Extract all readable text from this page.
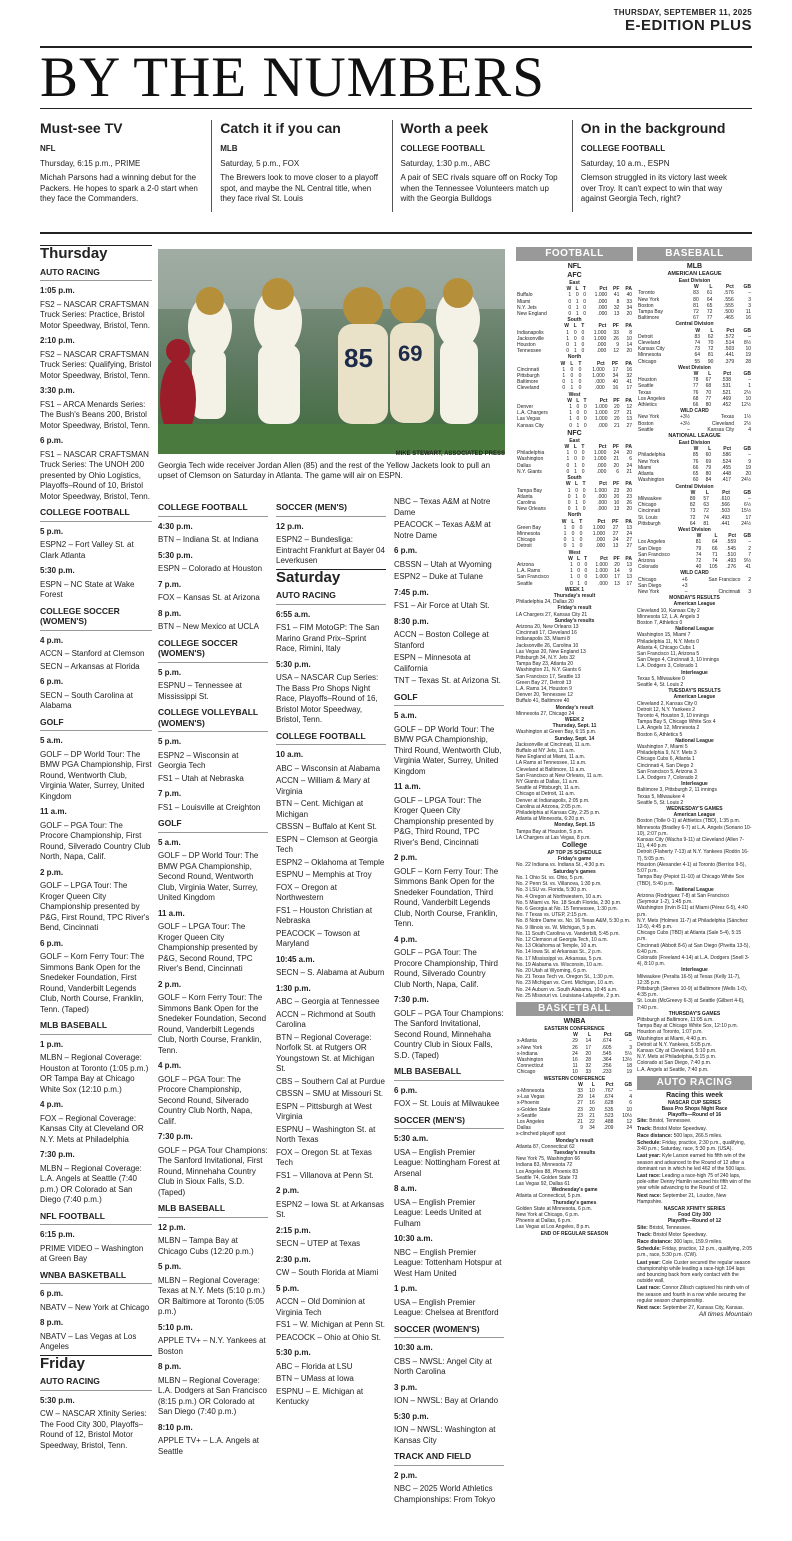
THURSDAY, SEPTEMBER 11, 2025
E-EDITION PLUS
BY THE NUMBERS
Must-see TV
NFL
Thursday, 6:15 p.m., PRIME

Michah Parsons had a winning debut for the Packers. He hopes to spark a 2-0 start when they face the Commanders.

Catch it if you can
MLB
Saturday, 5 p.m., FOX

The Brewers look to move closer to a playoff spot, and maybe the NL Central title, when they face rival St. Louis

Worth a peek
COLLEGE FOOTBALL
Saturday, 1:30 p.m., ABC

A pair of SEC rivals square off on Rocky Top when the Tennessee Volunteers match up with the Georgia Bulldogs

On in the background
COLLEGE FOOTBALL
Saturday, 10 a.m., ESPN

Clemson struggled in its victory last week over Troy. It can't expect to win that way against Georgia Tech, right?

Thursday
AUTO RACING
1:05 p.m.
FS2 – NASCAR CRAFTSMAN Truck Series: Practice, Bristol Motor Speedway, Bristol, Tenn.
2:10 p.m.
FS2 – NASCAR CRAFTSMAN Truck Series: Qualifying, Bristol Motor Speedway, Bristol, Tenn.
3:30 p.m.
FS1 – ARCA Menards Series: The Bush's Beans 200, Bristol Motor Speedway, Bristol, Tenn.
6 p.m.
FS1 – NASCAR CRAFTSMAN Truck Series: The UNOH 200 presented by Ohio Logistics, Playoffs–Round of 10, Bristol Motor Speedway, Bristol, Tenn.
COLLEGE FOOTBALL
5 p.m.
ESPN2 – Fort Valley St. at Clark Atlanta
5:30 p.m.
ESPN – NC State at Wake Forest
COLLEGE SOCCER (WOMEN'S)
4 p.m.
ACCN – Stanford at Clemson
SECN – Arkansas at Florida
6 p.m.
SECN – South Carolina at Alabama
GOLF
5 a.m.
GOLF – DP World Tour: The BMW PGA Championship, First Round, Wentworth Club, Virginia Water, Surrey, United Kingdom
11 a.m.
GOLF – PGA Tour: The Procore Championship, First Round, Silverado Country Club North, Napa, Calif.
2 p.m.
GOLF – LPGA Tour: The Kroger Queen City Championship presented by P&G, First Round, TPC River's Bend, Cincinnati
6 p.m.
GOLF – Korn Ferry Tour: The Simmons Bank Open for the Snedeker Foundation, First Round, Vanderbilt Legends Club, North Course, Franklin, Tenn. (Taped)
MLB BASEBALL
1 p.m.
MLBN – Regional Coverage: Houston at Toronto (1:05 p.m.) OR Tampa Bay at Chicago White Sox (12:10 p.m.)
4 p.m.
FOX – Regional Coverage: Kansas City at Cleveland OR N.Y. Mets at Philadelphia
7:30 p.m.
MLBN – Regional Coverage: L.A. Angels at Seattle (7:40 p.m.) OR Colorado at San Diego (7:40 p.m.)
NFL FOOTBALL
6:15 p.m.
PRIME VIDEO – Washington at Green Bay
WNBA BASKETBALL
6 p.m.
NBATV – New York at Chicago
8 p.m.
NBATV – Las Vegas at Los Angeles
Friday
AUTO RACING
5:30 p.m.
CW – NASCAR Xfinity Series: The Food City 300, Playoffs–Round of 12, Bristol Motor Speedway, Bristol, Tenn.
85 69
MIKE STEWART, ASSOCIATED PRESS
Georgia Tech wide receiver Jordan Allen (85) and the rest of the Yellow Jackets look to pull an upset of Clemson on Saturday in Atlanta. The game will air on ESPN.
COLLEGE FOOTBALL
4:30 p.m.
BTN – Indiana St. at Indiana
5:30 p.m.
ESPN – Colorado at Houston
7 p.m.
FOX – Kansas St. at Arizona
8 p.m.
BTN – New Mexico at UCLA
COLLEGE SOCCER (WOMEN'S)
5 p.m.
ESPNU – Tennessee at Mississippi St.
COLLEGE VOLLEYBALL (WOMEN'S)
5 p.m.
ESPN2 – Wisconsin at Georgia Tech
FS1 – Utah at Nebraska
7 p.m.
FS1 – Louisville at Creighton
GOLF
5 a.m.
GOLF – DP World Tour: The BMW PGA Championship, Second Round, Wentworth Club, Virginia Water, Surrey, United Kingdom
11 a.m.
GOLF – LPGA Tour: The Kroger Queen City Championship presented by P&G, Second Round, TPC River's Bend, Cincinnati
2 p.m.
GOLF – Korn Ferry Tour: The Simmons Bank Open for the Snedeker Foundation, Second Round, Vanderbilt Legends Club, North Course, Franklin, Tenn.
4 p.m.
GOLF – PGA Tour: The Procore Championship, Second Round, Silverado Country Club North, Napa, Calif.
7:30 p.m.
GOLF – PGA Tour Champions: The Sanford Invitational, First Round, Minnehaha Country Club in Sioux Falls, S.D. (Taped)
MLB BASEBALL
12 p.m.
MLBN – Tampa Bay at Chicago Cubs (12:20 p.m.)
5 p.m.
MLBN – Regional Coverage: Texas at N.Y. Mets (5:10 p.m.) OR Baltimore at Toronto (5:05 p.m.)
5:10 p.m.
APPLE TV+ – N.Y. Yankees at Boston
8 p.m.
MLBN – Regional Coverage: L.A. Dodgers at San Francisco (8:15 p.m.) OR Colorado at San Diego (7:40 p.m.)
8:10 p.m.
APPLE TV+ – L.A. Angels at Seattle
SOCCER (MEN'S)
12 p.m.
ESPN2 – Bundesliga: Eintracht Frankfurt at Bayer 04 Leverkusen
Saturday
AUTO RACING
6:55 a.m.
FS1 – FIM MotoGP: The San Marino Grand Prix–Sprint Race, Rimini, Italy
5:30 p.m.
USA – NASCAR Cup Series: The Bass Pro Shops Night Race, Playoffs–Round of 16, Bristol Motor Speedway, Bristol, Tenn.
COLLEGE FOOTBALL
10 a.m.
ABC – Wisconsin at Alabama
ACCN – William & Mary at Virginia
BTN – Cent. Michigan at Michigan
CBSSN – Buffalo at Kent St.
ESPN – Clemson at Georgia Tech
ESPN2 – Oklahoma at Temple
ESPNU – Memphis at Troy
FOX – Oregon at Northwestern
FS1 – Houston Christian at Nebraska
PEACOCK – Towson at Maryland
10:45 a.m.
SECN – S. Alabama at Auburn
1:30 p.m.
ABC – Georgia at Tennessee
ACCN – Richmond at South Carolina
BTN – Regional Coverage: Norfolk St. at Rutgers OR Youngstown St. at Michigan St.
CBS – Southern Cal at Purdue
CBSSN – SMU at Missouri St.
ESPN – Pittsburgh at West Virginia
ESPNU – Washington St. at North Texas
FOX – Oregon St. at Texas Tech
FS1 – Villanova at Penn St.
2 p.m.
ESPN2 – Iowa St. at Arkansas St.
2:15 p.m.
SECN – UTEP at Texas
2:30 p.m.
CW – South Florida at Miami
5 p.m.
ACCN – Old Dominion at Virginia Tech
FS1 – W. Michigan at Penn St.
PEACOCK – Ohio at Ohio St.
5:30 p.m.
ABC – Florida at LSU
BTN – UMass at Iowa
ESPNU – E. Michigan at Kentucky
NBC – Texas A&M at Notre Dame
PEACOCK – Texas A&M at Notre Dame
6 p.m.
CBSSN – Utah at Wyoming
ESPN2 – Duke at Tulane
7:45 p.m.
FS1 – Air Force at Utah St.
8:30 p.m.
ACCN – Boston College at Stanford
ESPN – Minnesota at California
TNT – Texas St. at Arizona St.
GOLF
5 a.m.
GOLF – DP World Tour: The BMW PGA Championship, Third Round, Wentworth Club, Virginia Water, Surrey, United Kingdom
11 a.m.
GOLF – LPGA Tour: The Kroger Queen City Championship presented by P&G, Third Round, TPC River's Bend, Cincinnati
2 p.m.
GOLF – Korn Ferry Tour: The Simmons Bank Open for the Snedeker Foundation, Third Round, Vanderbilt Legends Club, North Course, Franklin, Tenn.
4 p.m.
GOLF – PGA Tour: The Procore Championship, Third Round, Silverado Country Club North, Napa, Calif.
7:30 p.m.
GOLF – PGA Tour Champions: The Sanford Invitational, Second Round, Minnehaha Country Club in Sioux Falls, S.D. (Taped)
MLB BASEBALL
6 p.m.
FOX – St. Louis at Milwaukee
SOCCER (MEN'S)
5:30 a.m.
USA – English Premier League: Nottingham Forest at Arsenal
8 a.m.
USA – English Premier League: Leeds United at Fulham
10:30 a.m.
NBC – English Premier League: Tottenham Hotspur at West Ham United
1 p.m.
USA – English Premier League: Chelsea at Brentford
SOCCER (WOMEN'S)
10:30 a.m.
CBS – NWSL: Angel City at North Carolina
3 p.m.
ION – NWSL: Bay at Orlando
5:30 p.m.
ION – NWSL: Washington at Kansas City
TRACK AND FIELD
2 p.m.
NBC – 2025 World Athletics Championships: From Tokyo
FOOTBALL
NFL
AFC
East
	W	L	T	Pct	PF	PA
Buffalo	1	0	0	1.000	41	40
Miami	0	1	0	.000	8	33
N.Y. Jets	0	1	0	.000	32	34
New England	0	1	0	.000	13	20
South
	W	L	T	Pct	PF	PA
Indianapolis	1	0	0	1.000	33	8
Jacksonville	1	0	0	1.000	26	10
Houston	0	1	0	.000	9	14
Tennessee	0	1	0	.000	12	20
North
	W	L	T	Pct	PF	PA
Cincinnati	1	0	0	1.000	17	16
Pittsburgh	1	0	0	1.000	34	32
Baltimore	0	1	0	.000	40	41
Cleveland	0	1	0	.000	16	17
West
	W	L	T	Pct	PF	PA
Denver	1	0	0	1.000	20	12
L.A. Chargers	1	0	0	1.000	27	21
Las Vegas	1	0	0	1.000	20	13
Kansas City	0	1	0	.000	21	27
NFC
East
	W	L	T	Pct	PF	PA
Philadelphia	1	0	0	1.000	24	20
Washington	1	0	0	1.000	21	6
Dallas	0	1	0	.000	20	24
N.Y. Giants	0	1	0	.000	6	21
South
	W	L	T	Pct	PF	PA
Tampa Bay	1	0	0	1.000	23	20
Atlanta	0	1	0	.000	20	23
Carolina	0	1	0	.000	10	26
New Orleans	0	1	0	.000	13	20
North
	W	L	T	Pct	PF	PA
Green Bay	1	0	0	1.000	27	13
Minnesota	1	0	0	1.000	27	24
Chicago	0	1	0	.000	24	27
Detroit	0	1	0	.000	13	27
West
	W	L	T	Pct	PF	PA
Arizona	1	0	0	1.000	20	13
L.A. Rams	1	0	0	1.000	14	9
San Francisco	1	0	0	1.000	17	13
Seattle	0	1	0	.000	13	17
WEEK 1
Thursday's result
Philadelphia 24, Dallas 20
Friday's result
LA Chargers 27, Kansas City 21
Sunday's results
Arizona 20, New Orleans 13
Cincinnati 17, Cleveland 16
Indianapolis 33, Miami 8
Jacksonville 26, Carolina 10
Las Vegas 20, New England 13
Pittsburgh 34, N.Y. Jets 32
Tampa Bay 23, Atlanta 20
Washington 21, N.Y. Giants 6
San Francisco 17, Seattle 13
Green Bay 27, Detroit 13
L.A. Rams 14, Houston 9
Denver 20, Tennessee 12
Buffalo 41, Baltimore 40
Monday's result
Minnesota 27, Chicago 24
WEEK 2
Thursday, Sept. 11
Washington at Green Bay, 6:15 p.m.
Sunday, Sept. 14
Jacksonville at Cincinnati, 11 a.m.
Buffalo at NY Jets, 11 a.m.
New England at Miami, 11 a.m.
LA Rams at Tennessee, 11 a.m.
Cleveland at Baltimore, 11 a.m.
San Francisco at New Orleans, 11 a.m.
NY Giants at Dallas, 11 a.m.
Seattle at Pittsburgh, 11 a.m.
Chicago at Detroit, 11 a.m.
Denver at Indianapolis, 2:05 p.m.
Carolina at Arizona, 2:05 p.m.
Philadelphia at Kansas City, 2:25 p.m.
Atlanta at Minnesota, 6:20 p.m.
Monday, Sept. 15
Tampa Bay at Houston, 5 p.m.
LA Chargers at Las Vegas, 8 p.m.
College
AP TOP 25 SCHEDULE
Friday's game
No. 22 Indiana vs. Indiana St., 4:30 p.m.
Saturday's games
No. 1 Ohio St. vs. Ohio, 5 p.m.
No. 2 Penn St. vs. Villanova, 1:30 p.m.
No. 3 LSU vs. Florida, 5:30 p.m.
No. 4 Oregon at Northwestern, 10 a.m.
No. 5 Miami vs. No. 18 South Florida, 2:30 p.m.
No. 6 Georgia at No. 15 Tennessee, 1:30 p.m.
No. 7 Texas vs. UTEP, 2:15 p.m.
No. 8 Notre Dame vs. No. 16 Texas A&M, 5:30 p.m.
No. 9 Illinois vs. W. Michigan, 5 p.m.
No. 11 South Carolina vs. Vanderbilt, 5:45 p.m.
No. 12 Clemson at Georgia Tech, 10 a.m.
No. 13 Oklahoma at Temple, 10 a.m.
No. 14 Iowa St. at Arkansas St., 2 p.m.
No. 17 Mississippi vs. Arkansas, 5 p.m.
No. 19 Alabama vs. Wisconsin, 10 a.m.
No. 20 Utah at Wyoming, 6 p.m.
No. 21 Texas Tech vs. Oregon St., 1:30 p.m.
No. 23 Michigan vs. Cent. Michigan, 10 a.m.
No. 24 Auburn vs. South Alabama, 10:45 a.m.
No. 25 Missouri vs. Louisiana-Lafayette, 2 p.m.
BASKETBALL
WNBA
EASTERN CONFERENCE
	W	L	Pct	GB
x-Atlanta	29	14	.674	–
x-New York	26	17	.605	3
x-Indiana	24	20	.545	5½
Washington	16	28	.364	13½
Connecticut	11	32	.256	18
Chicago	10	33	.233	19
WESTERN CONFERENCE
	W	L	Pct	GB
x-Minnesota	33	10	.767	–
x-Las Vegas	29	14	.674	4
x-Phoenix	27	16	.628	6
x-Golden State	23	20	.535	10
x-Seattle	23	21	.523	10½
Los Angeles	21	22	.488	12
Dallas	9	34	.209	24
x-clinched playoff spot
Monday's result
Atlanta 87, Connecticut 62
Tuesday's results
New York 75, Washington 66
Indiana 83, Minnesota 72
Los Angeles 88, Phoenix 83
Seattle 74, Golden State 73
Las Vegas 92, Dallas 61
Wednesday's game
Atlanta at Connecticut, 5 p.m.
Thursday's games
Golden State at Minnesota, 6 p.m.
New York at Chicago, 6 p.m.
Phoenix at Dallas, 6 p.m.
Las Vegas at Los Angeles, 8 p.m.
END OF REGULAR SEASON
BASEBALL
MLB
AMERICAN LEAGUE
East Division
	W	L	Pct	GB
Toronto	83	61	.576	–
New York	80	64	.556	3
Boston	81	65	.555	3
Tampa Bay	72	72	.500	11
Baltimore	67	77	.465	16
Central Division
	W	L	Pct	GB
Detroit	83	62	.572	–
Cleveland	74	70	.514	8½
Kansas City	73	72	.503	10
Minnesota	64	81	.441	19
Chicago	55	90	.379	28
West Division
	W	L	Pct	GB
Houston	78	67	.538	–
Seattle	77	68	.531	1
Texas	76	70	.521	2½
Los Angeles	68	77	.469	10
Athletics	66	80	.452	12½
WILD CARD
New York	+3½	Texas		1½
Boston	+3½	Cleveland		2½
Seattle	–	Kansas City		4
NATIONAL LEAGUE
East Division
	W	L	Pct	GB
Philadelphia	85	60	.586	–
New York	76	69	.524	9
Miami	66	79	.455	19
Atlanta	65	80	.448	20
Washington	60	84	.417	24½
Central Division
	W	L	Pct	GB
Milwaukee	89	57	.610	–
Chicago	82	63	.566	6½
Cincinnati	73	72	.503	15½
St. Louis	72	74	.493	17
Pittsburgh	64	81	.441	24½
West Division
	W	L	Pct	GB
Los Angeles	81	64	.559	–
San Diego	79	66	.545	2
San Francisco	74	71	.510	7
Arizona	72	74	.493	9½
Colorado	40	105	.276	41
WILD CARD
Chicago	+6	San Francisco		2
San Diego	+3			
New York	–	Cincinnati		3
MONDAY'S RESULTS
American League
Cleveland 10, Kansas City 2
Minnesota 12, L.A. Angels 3
Boston 7, Athletics 0
National League
Washington 15, Miami 7
Philadelphia 11, N.Y. Mets 0
Atlanta 4, Chicago Cubs 1
San Francisco 11, Arizona 5
San Diego 4, Cincinnati 3, 10 innings
L.A. Dodgers 3, Colorado 1
Interleague
Texas 5, Milwaukee 0
Seattle 4, St. Louis 2
TUESDAY'S RESULTS
American League
Cleveland 2, Kansas City 0
Detroit 12, N.Y. Yankees 2
Toronto 4, Houston 3, 10 innings
Tampa Bay 5, Chicago White Sox 4
L.A. Angels 12, Minnesota 2
Boston 6, Athletics 5
National League
Washington 7, Miami 5
Philadelphia 9, N.Y. Mets 3
Chicago Cubs 6, Atlanta 1
Cincinnati 4, San Diego 2
San Francisco 5, Arizona 3
L.A. Dodgers 7, Colorado 2
Interleague
Baltimore 3, Pittsburgh 2, 11 innings
Texas 5, Milwaukee 4
Seattle 5, St. Louis 2
WEDNESDAY'S GAMES
American League
Boston (Tolle 0-1) at Athletics (TBD), 1:35 p.m.
Minnesota (Bradley 6-7) at L.A. Angels (Soriano 10-10), 2:07 p.m.
Kansas City (Wacha 9-11) at Cleveland (Allen 7-11), 4:40 p.m.
Detroit (Flaherty 7-13) at N.Y. Yankees (Rodón 16-7), 5:05 p.m.
Houston (Alexander 4-1) at Toronto (Berríos 9-5), 5:07 p.m.
Tampa Bay (Pepiot 11-10) at Chicago White Sox (TBD), 5:40 p.m.
National League
Arizona (Rodriguez 7-8) at San Francisco (Seymour 1-2), 1:45 p.m.
Washington (Irvin 8-11) at Miami (Pérez 6-5), 4:40 p.m.
N.Y. Mets (Holmes 11-7) at Philadelphia (Sánchez 12-5), 4:45 p.m.
Chicago Cubs (TBD) at Atlanta (Sale 5-4), 5:15 p.m.
Cincinnati (Abbott 8-6) at San Diego (Pivetta 13-5), 6:40 p.m.
Colorado (Freeland 4-14) at L.A. Dodgers (Snell 3-4), 8:10 p.m.
Interleague
Milwaukee (Peralta 16-5) at Texas (Kelly 11-7), 12:35 p.m.
Pittsburgh (Skenes 10-9) at Baltimore (Wells 1-0), 4:35 p.m.
St. Louis (McGreevy 6-3) at Seattle (Gilbert 4-6), 7:40 p.m.
THURSDAY'S GAMES
Pittsburgh at Baltimore, 11:05 a.m.
Tampa Bay at Chicago White Sox, 12:10 p.m.
Houston at Toronto, 1:07 p.m.
Washington at Miami, 4:40 p.m.
Detroit at N.Y. Yankees, 5:05 p.m.
Kansas City at Cleveland, 5:10 p.m.
N.Y. Mets at Philadelphia, 5:15 p.m.
Colorado at San Diego, 7:40 p.m.
L.A. Angels at Seattle, 7:40 p.m.
AUTO RACING
Racing this week
NASCAR CUP SERIES
Bass Pro Shops Night Race
Playoffs—Round of 16

Site: Bristol, Tennessee.

Track: Bristol Motor Speedway.

Race distance: 500 laps, 266.5 miles.

Schedule: Friday, practice, 2:30 p.m., qualifying, 3:40 p.m.; Saturday, race, 5:30 p.m. (USA).

Last year: Kyle Larson earned his fifth win of the season and advanced to the Round of 12 after a dominant run in which he led 462 of the 500 laps.

Last race: Leading a race-high 75 of 240 laps, pole-sitter Denny Hamlin secured his fifth win of the year while advancing to the Round of 12.

Next race: September 21, Loudon, New Hampshire.

NASCAR XFINITY SERIES
Food City 300
Playoffs—Round of 12

Site: Bristol, Tennessee.

Track: Bristol Motor Speedway.

Race distance: 300 laps, 159.9 miles.

Schedule: Friday, practice, 12 p.m., qualifying, 2:05 p.m., race, 5:30 p.m. (CW).

Last year: Cole Custer secured the regular season championship while leading a race-high 104 laps and bouncing back from early contact with the outside wall.

Last race: Connor Zilisch captured his ninth win of the season and fourth in a row while securing the regular season championship.

Next race: September 27, Kansas City, Kansas.

All times Mountain
